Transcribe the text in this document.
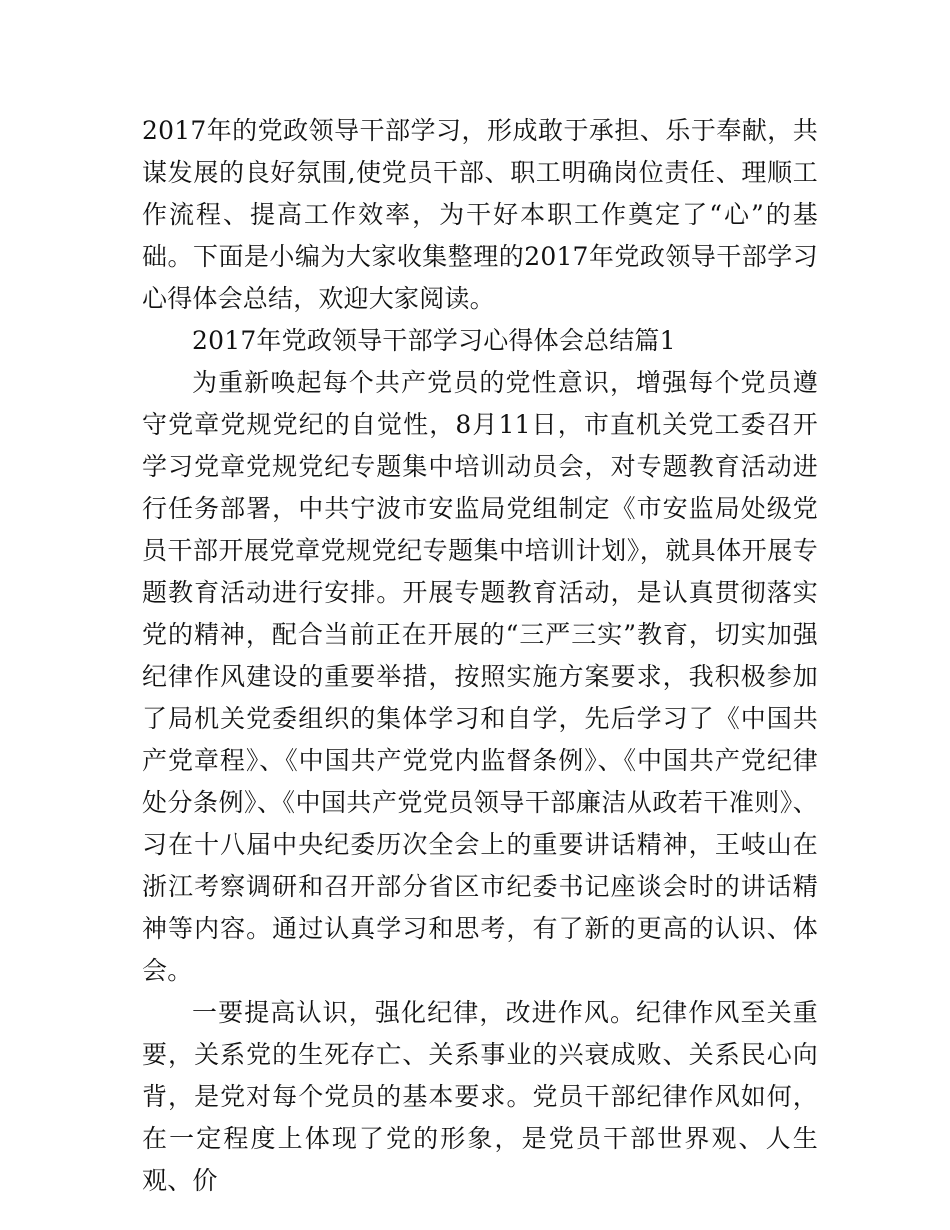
2017年的党政领导干部学习，形成敢于承担、乐于奉献，共谋发展的良好氛围,使党员干部、职工明确岗位责任、理顺工作流程、提高工作效率，为干好本职工作奠定了“心”的基础。下面是小编为大家收集整理的2017年党政领导干部学习心得体会总结，欢迎大家阅读。

2017年党政领导干部学习心得体会总结篇1

为重新唤起每个共产党员的党性意识，增强每个党员遵守党章党规党纪的自觉性，8月11日，市直机关党工委召开学习党章党规党纪专题集中培训动员会，对专题教育活动进行任务部署，中共宁波市安监局党组制定《市安监局处级党员干部开展党章党规党纪专题集中培训计划》，就具体开展专题教育活动进行安排。开展专题教育活动，是认真贯彻落实党的精神，配合当前正在开展的“三严三实”教育，切实加强纪律作风建设的重要举措，按照实施方案要求，我积极参加了局机关党委组织的集体学习和自学，先后学习了《中国共产党章程》、《中国共产党党内监督条例》、《中国共产党纪律处分条例》、《中国共产党党员领导干部廉洁从政若干准则》、习在十八届中央纪委历次全会上的重要讲话精神，王岐山在浙江考察调研和召开部分省区市纪委书记座谈会时的讲话精神等内容。通过认真学习和思考，有了新的更高的认识、体会。

一要提高认识，强化纪律，改进作风。纪律作风至关重要，关系党的生死存亡、关系事业的兴衰成败、关系民心向背，是党对每个党员的基本要求。党员干部纪律作风如何，在一定程度上体现了党的形象，是党员干部世界观、人生观、价
